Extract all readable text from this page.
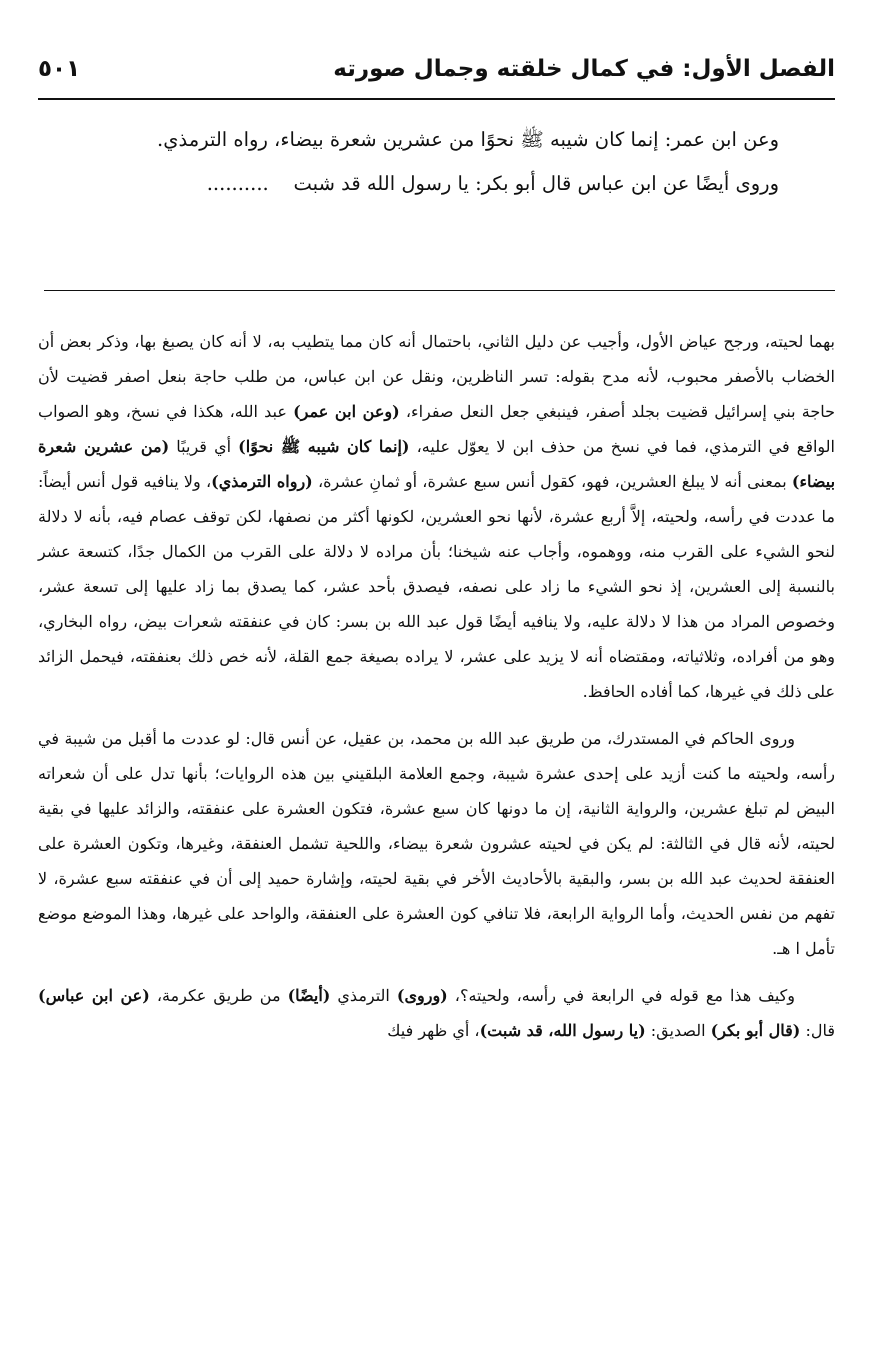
الفصل الأول: في كمال خلقته وجمال صورته
٥٠١

وعن ابن عمر: إنما كان شيبه ﷺ نحوًا من عشرين شعرة بيضاء، رواه الترمذي.

وروى أيضًا عن ابن عباس قال أبو بكر: يا رسول الله قد شبت    ..........

بهما لحيته، ورجح عياض الأول، وأجيب عن دليل الثاني، باحتمال أنه كان مما يتطيب به، لا أنه كان يصبغ بها، وذكر بعض أن الخضاب بالأصفر محبوب، لأنه مدح بقوله: تسر الناظرين، ونقل عن ابن عباس، من طلب حاجة بنعل اصفر قضيت لأن حاجة بني إسرائيل قضيت بجلد أصفر، فينبغي جعل النعل صفراء، (وعن ابن عمر) عبد الله، هكذا في نسخ، وهو الصواب الواقع في الترمذي، فما في نسخ من حذف ابن لا يعوّل عليه، (إنما كان شيبه ﷺ نحوًا) أي قريبًا (من عشرين شعرة بيضاء) بمعنى أنه لا يبلغ العشرين، فهو، كقول أنس سبع عشرة، أو ثمانِ عشرة، (رواه الترمذي)، ولا ينافيه قول أنس أيضاً: ما عددت في رأسه، ولحيته، إلاَّ أربع عشرة، لأنها نحو العشرين، لكونها أكثر من نصفها، لكن توقف عصام فيه، بأنه لا دلالة لنحو الشيء على القرب منه، ووهموه، وأجاب عنه شيخنا؛ بأن مراده لا دلالة على القرب من الكمال جدًا، كتسعة عشر بالنسبة إلى العشرين، إذ نحو الشيء ما زاد على نصفه، فيصدق بأحد عشر، كما يصدق بما زاد عليها إلى تسعة عشر، وخصوص المراد من هذا لا دلالة عليه، ولا ينافيه أيضًا قول عبد الله بن بسر: كان في عنفقته شعرات بيض، رواه البخاري، وهو من أفراده، وثلاثياته، ومقتضاه أنه لا يزيد على عشر، لا يراده بصيغة جمع القلة، لأنه خص ذلك بعنفقته، فيحمل الزائد على ذلك في غيرها، كما أفاده الحافظ.

وروى الحاكم في المستدرك، من طريق عبد الله بن محمد، بن عقيل، عن أنس قال: لو عددت ما أقبل من شيبة في رأسه، ولحيته ما كنت أزيد على إحدى عشرة شيبة، وجمع العلامة البلقيني بين هذه الروايات؛ بأنها تدل على أن شعراته البيض لم تبلغ عشرين، والرواية الثانية، إن ما دونها كان سبع عشرة، فتكون العشرة على عنفقته، والزائد عليها في بقية لحيته، لأنه قال في الثالثة: لم يكن في لحيته عشرون شعرة بيضاء، واللحية تشمل العنفقة، وغيرها، وتكون العشرة على العنفقة لحديث عبد الله بن بسر، والبقية بالأحاديث الأخر في بقية لحيته، وإشارة حميد إلى أن في عنفقته سبع عشرة، لا تفهم من نفس الحديث، وأما الرواية الرابعة، فلا تنافي كون العشرة على العنفقة، والواحد على غيرها، وهذا الموضع موضع تأمل ا هـ.

وكيف هذا مع قوله في الرابعة في رأسه، ولحيته؟، (وروى) الترمذي (أيضًا) من طريق عكرمة، (عن ابن عباس) قال: (قال أبو بكر) الصديق: (يا رسول الله، قد شبت)، أي ظهر فيك
